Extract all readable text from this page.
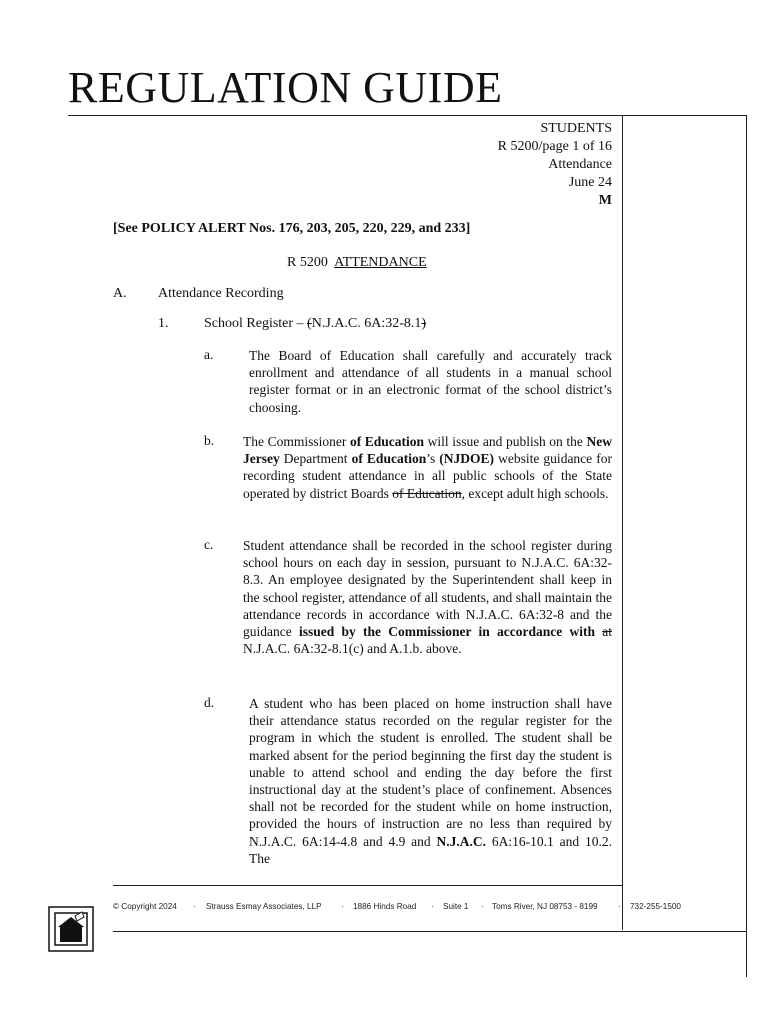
REGULATION GUIDE
STUDENTS
R 5200/page 1 of 16
Attendance
June 24
M
[See POLICY ALERT Nos. 176, 203, 205, 220, 229, and 233]
R 5200 ATTENDANCE
A. Attendance Recording
1.	School Register – (N.J.A.C. 6A:32-8.1)
a.	The Board of Education shall carefully and accurately track enrollment and attendance of all students in a manual school register format or in an electronic format of the school district’s choosing.
b. The Commissioner of Education will issue and publish on the New Jersey Department of Education’s (NJDOE) website guidance for recording student attendance in all public schools of the State operated by district Boards of Education, except adult high schools.
c. Student attendance shall be recorded in the school register during school hours on each day in session, pursuant to N.J.A.C. 6A:32-8.3. An employee designated by the Superintendent shall keep in the school register, attendance of all students, and shall maintain the attendance records in accordance with N.J.A.C. 6A:32-8 and the guidance issued by the Commissioner in accordance with at N.J.A.C. 6A:32-8.1(c) and A.1.b. above.
d.	A student who has been placed on home instruction shall have their attendance status recorded on the regular register for the program in which the student is enrolled. The student shall be marked absent for the period beginning the first day the student is unable to attend school and ending the day before the first instructional day at the student’s place of confinement. Absences shall not be recorded for the student while on home instruction, provided the hours of instruction are no less than required by N.J.A.C. 6A:14-4.8 and 4.9 and N.J.A.C. 6A:16-10.1 and 10.2. The
© Copyright 2024 · Strauss Esmay Associates, LLP · 1886 Hinds Road · Suite 1 · Toms River, NJ 08753 - 8199 · 732-255-1500
